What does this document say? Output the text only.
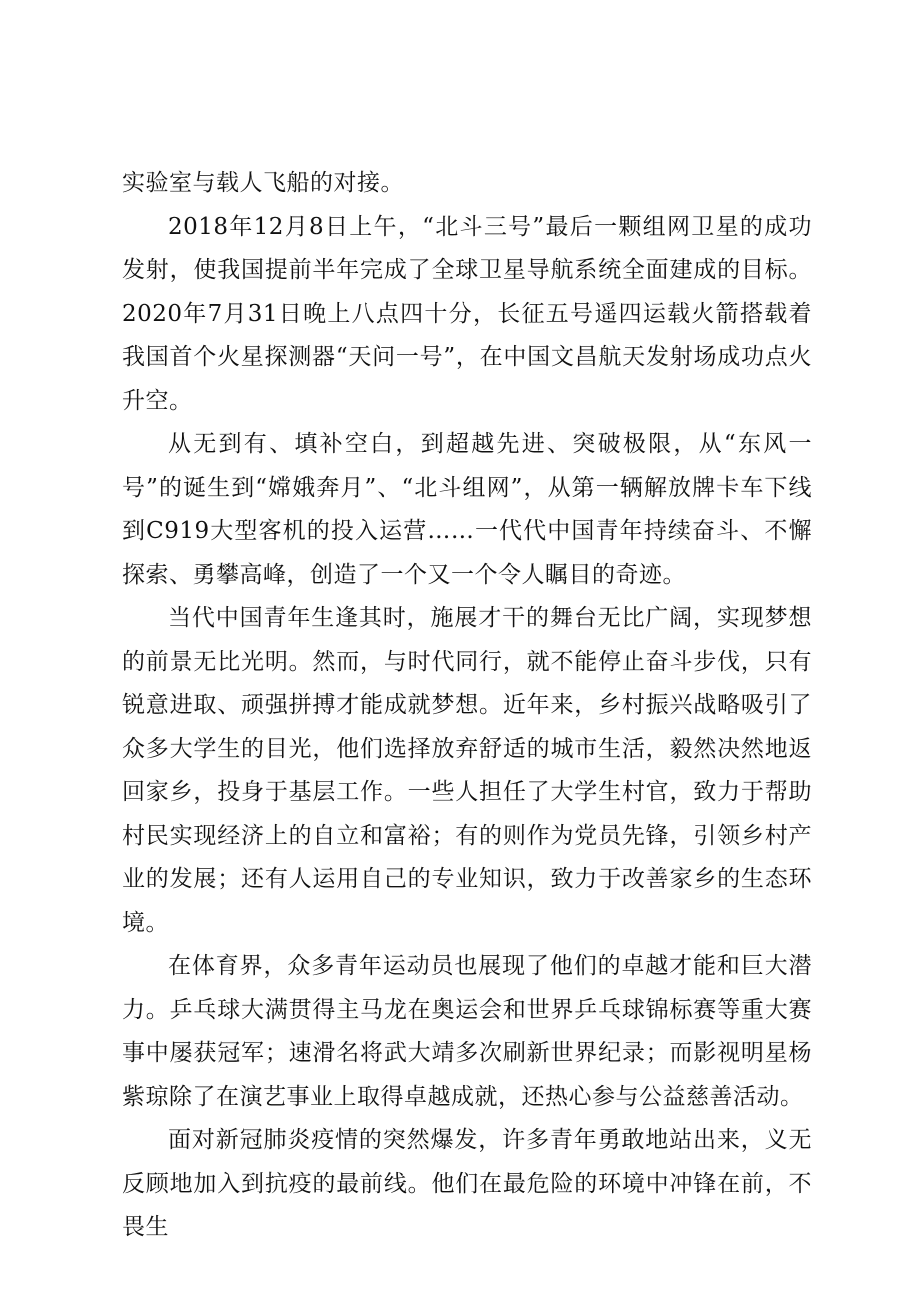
实验室与载人飞船的对接。

2018年12月8日上午，“北斗三号”最后一颗组网卫星的成功发射，使我国提前半年完成了全球卫星导航系统全面建成的目标。2020年7月31日晚上八点四十分，长征五号遥四运载火箭搭载着我国首个火星探测器“天问一号”，在中国文昌航天发射场成功点火升空。

从无到有、填补空白，到超越先进、突破极限，从“东风一号”的诞生到“嫦娥奔月”、“北斗组网”，从第一辆解放牌卡车下线到C919大型客机的投入运营……一代代中国青年持续奋斗、不懈探索、勇攀高峰，创造了一个又一个令人瞩目的奇迹。

当代中国青年生逢其时，施展才干的舞台无比广阔，实现梦想的前景无比光明。然而，与时代同行，就不能停止奋斗步伐，只有锐意进取、顽强拼搏才能成就梦想。近年来，乡村振兴战略吸引了众多大学生的目光，他们选择放弃舒适的城市生活，毅然决然地返回家乡，投身于基层工作。一些人担任了大学生村官，致力于帮助村民实现经济上的自立和富裕；有的则作为党员先锋，引领乡村产业的发展；还有人运用自己的专业知识，致力于改善家乡的生态环境。

在体育界，众多青年运动员也展现了他们的卓越才能和巨大潜力。乒乓球大满贯得主马龙在奥运会和世界乒乓球锦标赛等重大赛事中屡获冠军；速滑名将武大靖多次刷新世界纪录；而影视明星杨紫琼除了在演艺事业上取得卓越成就，还热心参与公益慈善活动。

面对新冠肺炎疫情的突然爆发，许多青年勇敢地站出来，义无反顾地加入到抗疫的最前线。他们在最危险的环境中冲锋在前，不畏生
